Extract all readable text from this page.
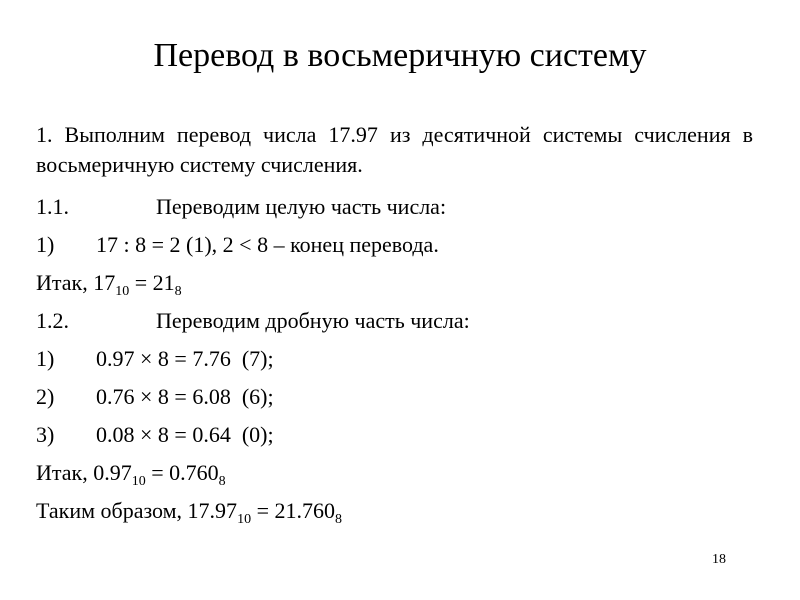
Перевод в восьмеричную систему
1. Выполним перевод числа 17.97 из десятичной системы счисления в восьмеричную систему счисления.
1.1.	Переводим целую часть числа:
1) 17 : 8 = 2 (1), 2 < 8 – конец перевода.
Итак, $17_{10} = 21_8$
1.2.	Переводим дробную часть числа:
1) 0.97 × 8 = 7.76  (7);
2) 0.76 × 8 = 6.08  (6);
3) 0.08 × 8 = 0.64  (0);
Итак, $0.97_{10} = 0.760_8$
Таким образом, $17.97_{10} = 21.760_8$
18
